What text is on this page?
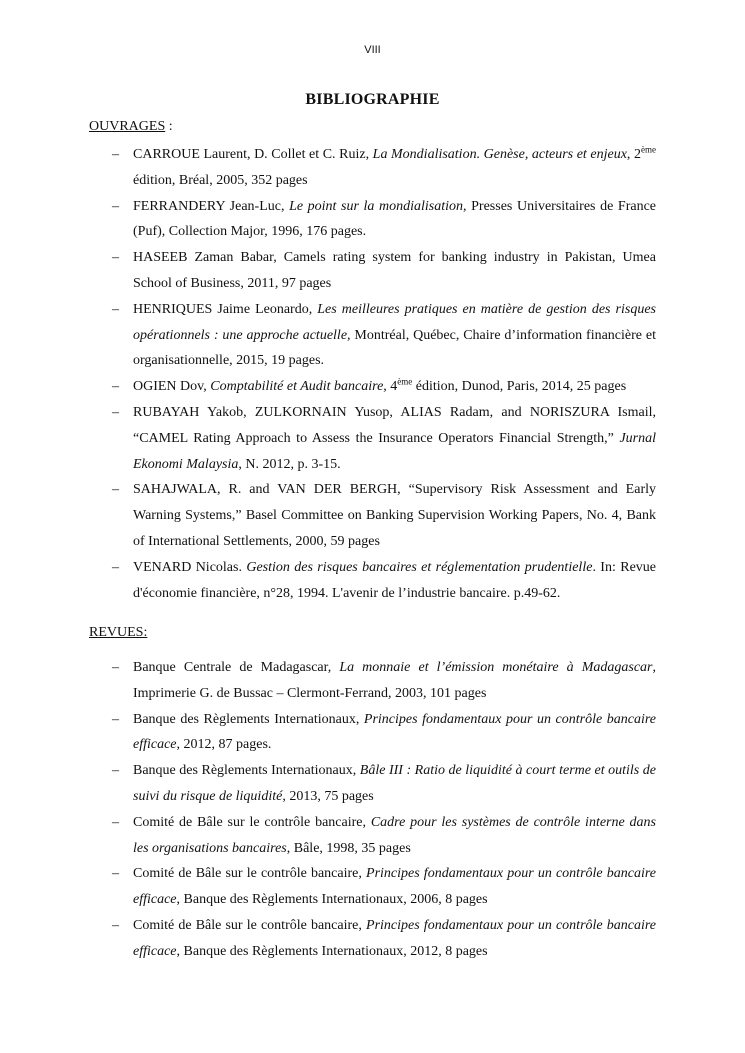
VIII
BIBLIOGRAPHIE
OUVRAGES :
– CARROUE Laurent, D. Collet et C. Ruiz, La Mondialisation. Genèse, acteurs et enjeux, 2ème édition, Bréal, 2005, 352 pages
– FERRANDERY Jean-Luc, Le point sur la mondialisation, Presses Universitaires de France (Puf), Collection Major, 1996, 176 pages.
– HASEEB Zaman Babar, Camels rating system for banking industry in Pakistan, Umea School of Business, 2011, 97 pages
– HENRIQUES Jaime Leonardo, Les meilleures pratiques en matière de gestion des risques opérationnels : une approche actuelle, Montréal, Québec, Chaire d’information financière et organisationnelle, 2015, 19 pages.
– OGIEN Dov, Comptabilité et Audit bancaire, 4ème édition, Dunod, Paris, 2014, 25 pages
– RUBAYAH Yakob, ZULKORNAIN Yusop, ALIAS Radam, and NORISZURA Ismail, “CAMEL Rating Approach to Assess the Insurance Operators Financial Strength,” Jurnal Ekonomi Malaysia, N. 2012, p. 3-15.
– SAHAJWALA, R. and VAN DER BERGH, “Supervisory Risk Assessment and Early Warning Systems,” Basel Committee on Banking Supervision Working Papers, No. 4, Bank of International Settlements, 2000, 59 pages
– VENARD Nicolas. Gestion des risques bancaires et réglementation prudentielle. In: Revue d'économie financière, n°28, 1994. L'avenir de l’industrie bancaire. p.49-62.
REVUES:
– Banque Centrale de Madagascar, La monnaie et l’émission monétaire à Madagascar, Imprimerie G. de Bussac – Clermont-Ferrand, 2003, 101 pages
– Banque des Règlements Internationaux, Principes fondamentaux pour un contrôle bancaire efficace, 2012, 87 pages.
– Banque des Règlements Internationaux, Bâle III : Ratio de liquidité à court terme et outils de suivi du risque de liquidité, 2013, 75 pages
– Comité de Bâle sur le contrôle bancaire, Cadre pour les systèmes de contrôle interne dans les organisations bancaires, Bâle, 1998, 35 pages
– Comité de Bâle sur le contrôle bancaire, Principes fondamentaux pour un contrôle bancaire efficace, Banque des Règlements Internationaux, 2006, 8 pages
– Comité de Bâle sur le contrôle bancaire, Principes fondamentaux pour un contrôle bancaire efficace, Banque des Règlements Internationaux, 2012, 8 pages
